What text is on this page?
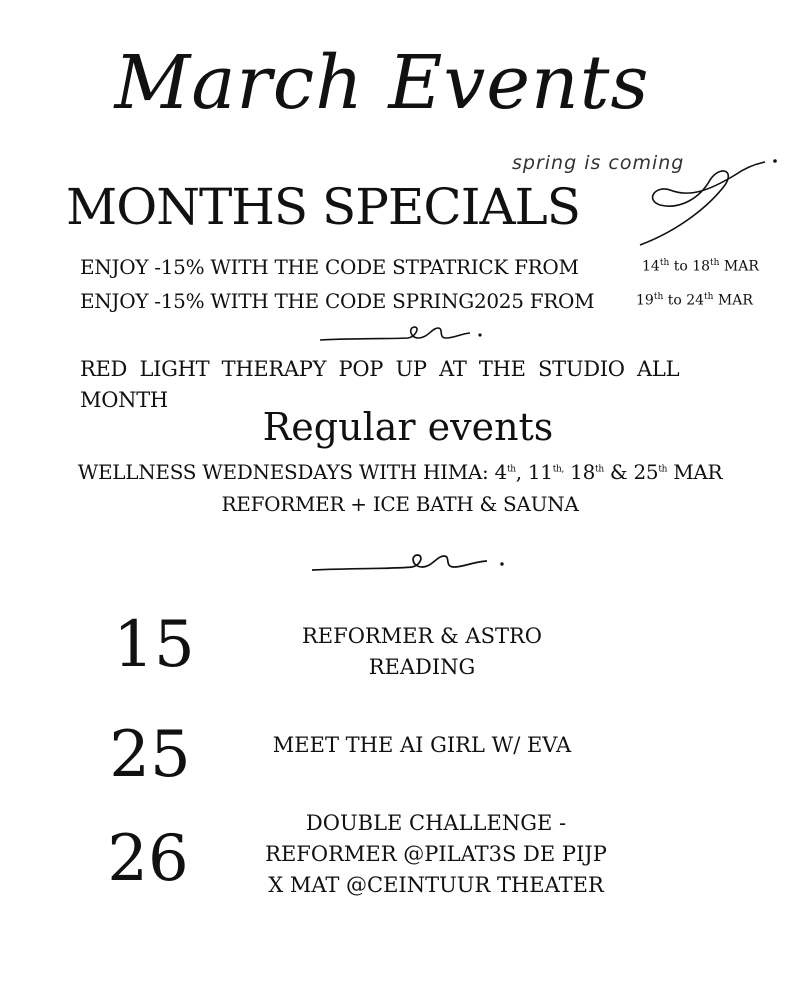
March Events
spring is coming
MONTHS SPECIALS
ENJOY -15% WITH THE CODE STPATRICK FROM	14th to 18th MAR
ENJOY -15% WITH THE CODE SPRING2025 FROM	19th to 24th MAR
RED LIGHT THERAPY POP UP AT THE STUDIO ALL
MONTH
Regular events
WELLNESS WEDNESDAYS WITH HIMA: 4th, $11^{th,}$ 18th & 25th MAR
REFORMER + ICE BATH & SAUNA
15	REFORMER & ASTRO
READING
25	MEET THE AI GIRL W/ EVA
26	DOUBLE CHALLENGE -
REFORMER @PILAT3S DE PIJP
X MAT @CEINTUUR THEATER
